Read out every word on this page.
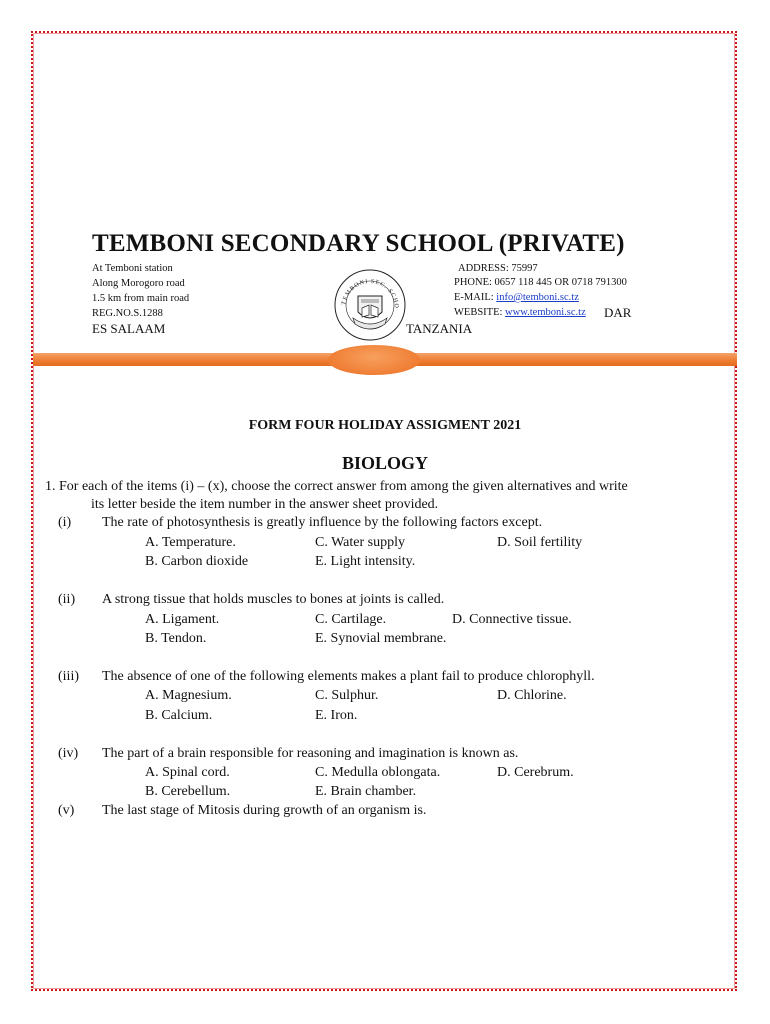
TEMBONI SECONDARY SCHOOL (PRIVATE)
At Temboni station
Along Morogoro road
1.5 km from main road
REG.NO.S.1288
ES SALAAM
ADDRESS: 75997
PHONE: 0657 118 445 OR 0718 791300
E-MAIL: info@temboni.sc.tz
WEBSITE: www.temboni.sc.tz DAR
TANZANIA
TEMBONI SEC. SCHO
FORM FOUR HOLIDAY ASSIGMENT 2021
BIOLOGY
1. For each of the items (i) – (x), choose the correct answer from among the given alternatives and write
its letter beside the item number in the answer sheet provided.
(i) The rate of photosynthesis is greatly influence by the following factors except.
A. Temperature.	C. Water supply	D. Soil fertility
B. Carbon dioxide	E. Light intensity.
(ii) A strong tissue that holds muscles to bones at joints is called.
A. Ligament.	C. Cartilage.	D. Connective tissue.
B. Tendon.	E. Synovial membrane.
(iii) The absence of one of the following elements makes a plant fail to produce chlorophyll.
A. Magnesium.	C. Sulphur.	D. Chlorine.
B. Calcium.	E. Iron.
(iv) The part of a brain responsible for reasoning and imagination is known as.
A. Spinal cord.	C. Medulla oblongata.	D. Cerebrum.
B. Cerebellum.	E. Brain chamber.
(v) The last stage of Mitosis during growth of an organism is.
